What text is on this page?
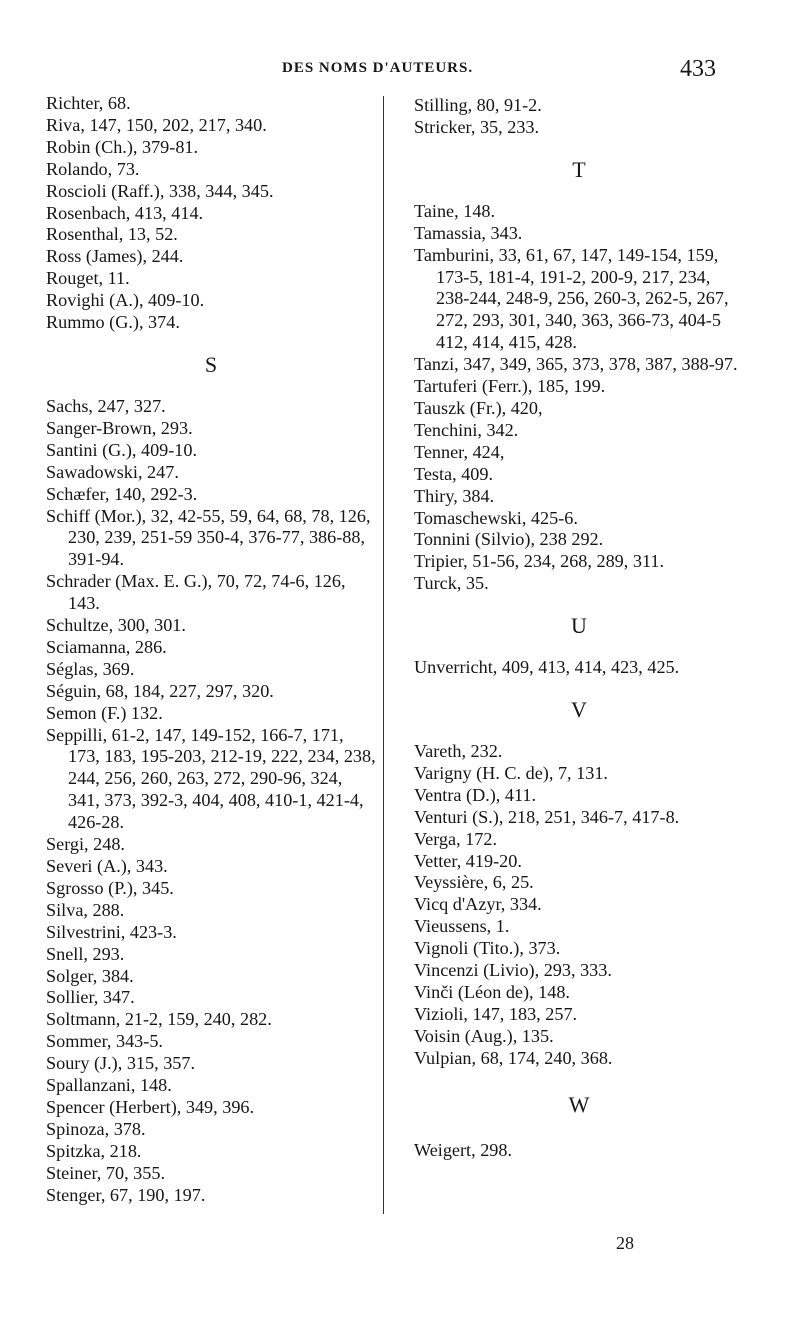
DES NOMS D'AUTEURS.	433
Richter, 68.
Riva, 147, 150, 202, 217, 340.
Robin (Ch.), 379-81.
Rolando, 73.
Roscioli (Raff.), 338, 344, 345.
Rosenbach, 413, 414.
Rosenthal, 13, 52.
Ross (James), 244.
Rouget, 11.
Rovighi (A.), 409-10.
Rummo (G.), 374.
S
Sachs, 247, 327.
Sanger-Brown, 293.
Santini (G.), 409-10.
Sawadowski, 247.
Schæfer, 140, 292-3.
Schiff (Mor.), 32, 42-55, 59, 64, 68, 78, 126, 230, 239, 251-59 350-4, 376-77, 386-88, 391-94.
Schrader (Max. E. G.), 70, 72, 74-6, 126, 143.
Schultze, 300, 301.
Sciamanna, 286.
Séglas, 369.
Séguin, 68, 184, 227, 297, 320.
Semon (F.) 132.
Seppilli, 61-2, 147, 149-152, 166-7, 171, 173, 183, 195-203, 212-19, 222, 234, 238, 244, 256, 260, 263, 272, 290-96, 324, 341, 373, 392-3, 404, 408, 410-1, 421-4, 426-28.
Sergi, 248.
Severi (A.), 343.
Sgrosso (P.), 345.
Silva, 288.
Silvestrini, 423-3.
Snell, 293.
Solger, 384.
Sollier, 347.
Soltmann, 21-2, 159, 240, 282.
Sommer, 343-5.
Soury (J.), 315, 357.
Spallanzani, 148.
Spencer (Herbert), 349, 396.
Spinoza, 378.
Spitzka, 218.
Steiner, 70, 355.
Stenger, 67, 190, 197.
Stilling, 80, 91-2.
Stricker, 35, 233.
T
Taine, 148.
Tamassia, 343.
Tamburini, 33, 61, 67, 147, 149-154, 159, 173-5, 181-4, 191-2, 200-9, 217, 234, 238-244, 248-9, 256, 260-3, 262-5, 267, 272, 293, 301, 340, 363, 366-73, 404-5 412, 414, 415, 428.
Tanzi, 347, 349, 365, 373, 378, 387, 388-97.
Tartuferi (Ferr.), 185, 199.
Tauszk (Fr.), 420,
Tenchini, 342.
Tenner, 424,
Testa, 409.
Thiry, 384.
Tomaschewski, 425-6.
Tonnini (Silvio), 238 292.
Tripier, 51-56, 234, 268, 289, 311.
Turck, 35.
U
Unverricht, 409, 413, 414, 423, 425.
V
Vareth, 232.
Varigny (H. C. de), 7, 131.
Ventra (D.), 411.
Venturi (S.), 218, 251, 346-7, 417-8.
Verga, 172.
Vetter, 419-20.
Veyssière, 6, 25.
Vicq d'Azyr, 334.
Vieussens, 1.
Vignoli (Tito.), 373.
Vincenzi (Livio), 293, 333.
Vinči (Léon de), 148.
Vizioli, 147, 183, 257.
Voisin (Aug.), 135.
Vulpian, 68, 174, 240, 368.
W
Weigert, 298.
28
